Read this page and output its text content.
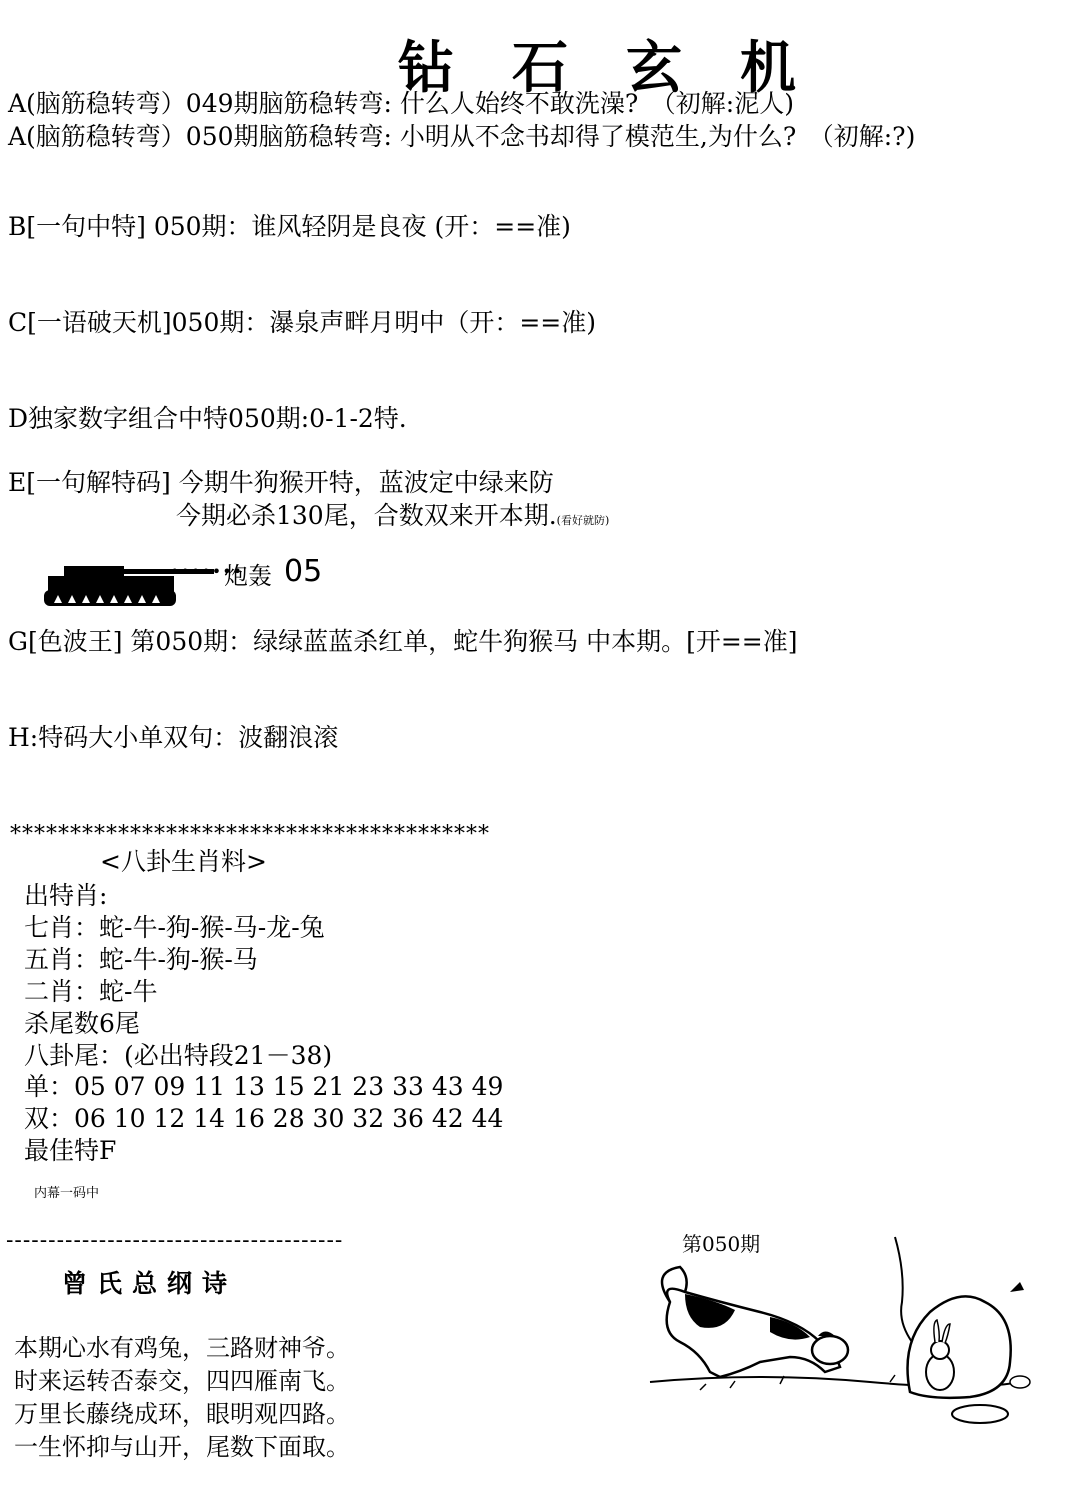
钻石玄机
A(脑筋稳转弯）049期脑筋稳转弯: 什么人始终不敢洗澡?　（初解:泥人)
A(脑筋稳转弯）050期脑筋稳转弯: 小明从不念书却得了模范生,为什么?　（初解:?)
B[一句中特] 050期：谁风轻阴是良夜 (开：==准)
C[一语破天机]050期：瀑泉声畔月明中（开：==准)
D独家数字组合中特050期:0-1-2特.
E[一句解特码] 今期牛狗猴开特，蓝波定中绿来防
今期必杀130尾，合数双来开本期.(看好就防)
•••••••
炮轰 05
G[色波王] 第050期：绿绿蓝蓝杀红单，蛇牛狗猴马 中本期。[开==准]
H:特码大小单双句：波翻浪滚
****************************************
<八卦生肖料>
出特肖:
七肖：蛇-牛-狗-猴-马-龙-兔
五肖：蛇-牛-狗-猴-马
二肖：蛇-牛
杀尾数6尾
八卦尾：(必出特段21－38)
单：05 07 09 11 13 15 21 23 33 43 49
双：06 10 12 14 16 28 30 32 36 42 44
最佳特F
内幕一码中
----------------------------------------
曾氏总纲诗
本期心水有鸡兔，三路财神爷。
时来运转否泰交，四四雁南飞。
万里长藤绕成环，眼明观四路。
一生怀抑与山开，尾数下面取。
第050期
